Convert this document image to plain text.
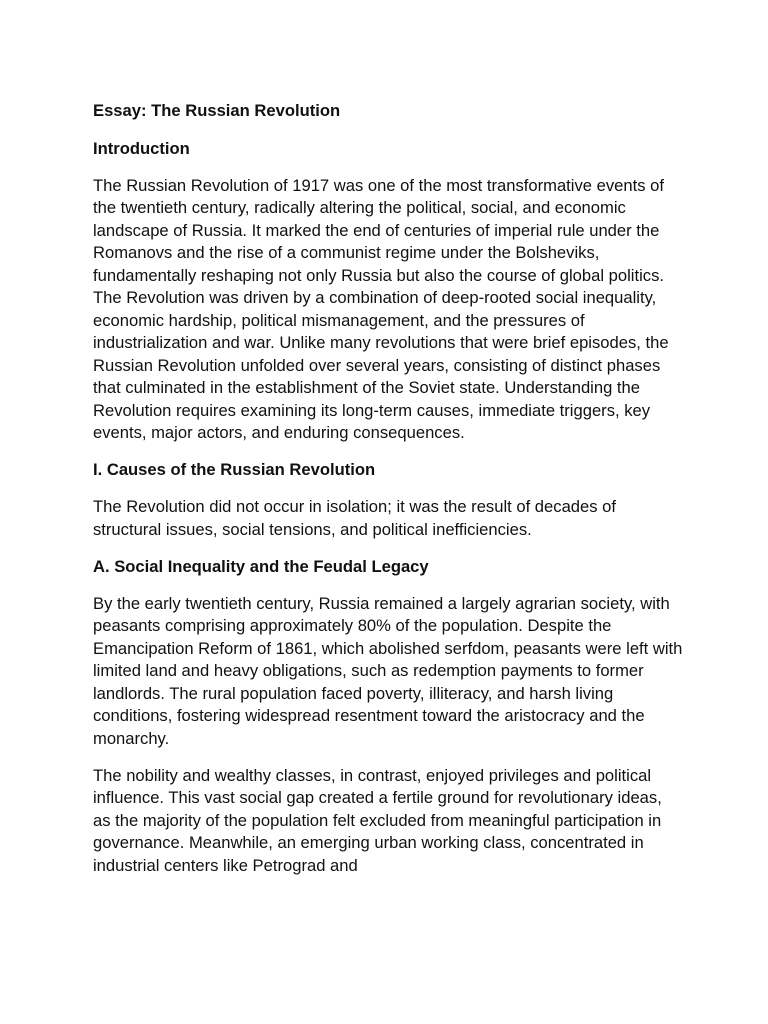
Essay: The Russian Revolution
Introduction

The Russian Revolution of 1917 was one of the most transformative events of the twentieth century, radically altering the political, social, and economic landscape of Russia. It marked the end of centuries of imperial rule under the Romanovs and the rise of a communist regime under the Bolsheviks, fundamentally reshaping not only Russia but also the course of global politics. The Revolution was driven by a combination of deep-rooted social inequality, economic hardship, political mismanagement, and the pressures of industrialization and war. Unlike many revolutions that were brief episodes, the Russian Revolution unfolded over several years, consisting of distinct phases that culminated in the establishment of the Soviet state. Understanding the Revolution requires examining its long-term causes, immediate triggers, key events, major actors, and enduring consequences.

I. Causes of the Russian Revolution

The Revolution did not occur in isolation; it was the result of decades of structural issues, social tensions, and political inefficiencies.

A. Social Inequality and the Feudal Legacy

By the early twentieth century, Russia remained a largely agrarian society, with peasants comprising approximately 80% of the population. Despite the Emancipation Reform of 1861, which abolished serfdom, peasants were left with limited land and heavy obligations, such as redemption payments to former landlords. The rural population faced poverty, illiteracy, and harsh living conditions, fostering widespread resentment toward the aristocracy and the monarchy.

The nobility and wealthy classes, in contrast, enjoyed privileges and political influence. This vast social gap created a fertile ground for revolutionary ideas, as the majority of the population felt excluded from meaningful participation in governance. Meanwhile, an emerging urban working class, concentrated in industrial centers like Petrograd and
